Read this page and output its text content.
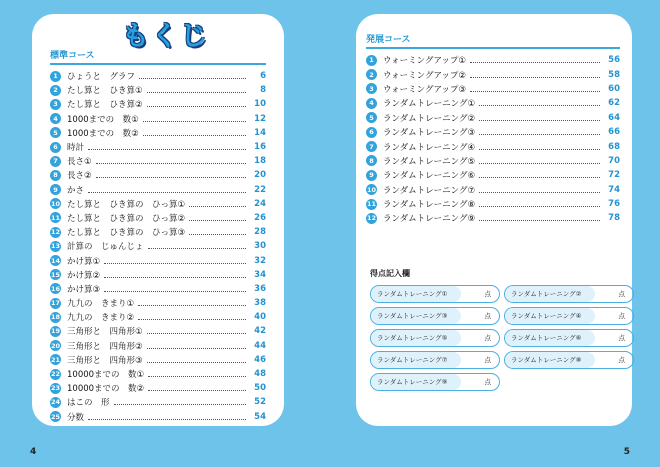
もくじ
標準コース
1	ひょうと　グラフ	6
2	たし算と　ひき算①	8
3	たし算と　ひき算②	10
4	1000までの　数①	12
5	1000までの　数②	14
6	時計	16
7	長さ①	18
8	長さ②	20
9	かさ	22
10 たし算と　ひき算の　ひっ算①	24
11 たし算と　ひき算の　ひっ算②	26
12 たし算と　ひき算の　ひっ算③	28
13 計算の　じゅんじょ	30
14 かけ算①	32
15 かけ算②	34
16 かけ算③	36
17 九九の　きまり①	38
18 九九の　きまり②	40
19 三角形と　四角形①	42
20 三角形と　四角形②	44
21 三角形と　四角形③	46
22 10000までの　数①	48
23 10000までの　数②	50
24 はこの　形	52
25 分数	54
発展コース
1	ウォーミングアップ①	56
2	ウォーミングアップ②	58
3	ウォーミングアップ③	60
4	ランダムトレーニング①	62
5	ランダムトレーニング②	64
6	ランダムトレーニング③	66
7	ランダムトレーニング④	68
8	ランダムトレーニング⑤	70
9	ランダムトレーニング⑥	72
10 ランダムトレーニング⑦	74
11 ランダムトレーニング⑧	76
12 ランダムトレーニング⑨	78
得点記入欄
ランダムトレーニング①	点	ランダムトレーニング②	点
ランダムトレーニング③	点	ランダムトレーニング④	点
ランダムトレーニング⑤	点	ランダムトレーニング⑥	点
ランダムトレーニング⑦	点	ランダムトレーニング⑧	点
ランダムトレーニング⑨	点
4	5
